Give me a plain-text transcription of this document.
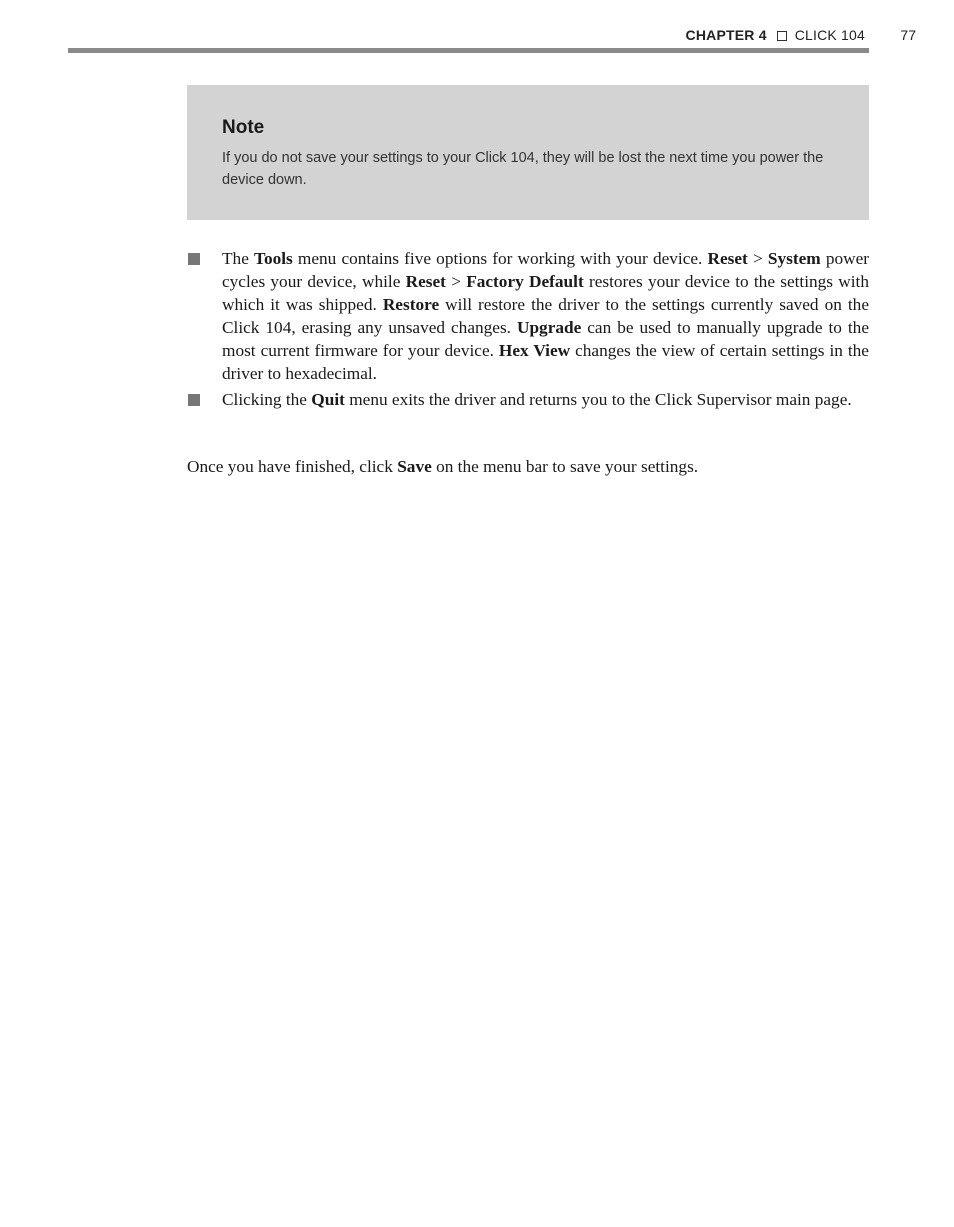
CHAPTER 4 CLICK 104	77
Note

If you do not save your settings to your Click 104, they will be lost the next time you power the device down.

The Tools menu contains five options for working with your device. Reset > System power cycles your device, while Reset > Factory Default restores your device to the settings with which it was shipped. Restore will restore the driver to the settings currently saved on the Click 104, erasing any unsaved changes. Upgrade can be used to manually upgrade to the most current firmware for your device. Hex View changes the view of certain settings in the driver to hexadecimal.
Clicking the Quit menu exits the driver and returns you to the Click Supervisor main page.

Once you have finished, click Save on the menu bar to save your settings.
